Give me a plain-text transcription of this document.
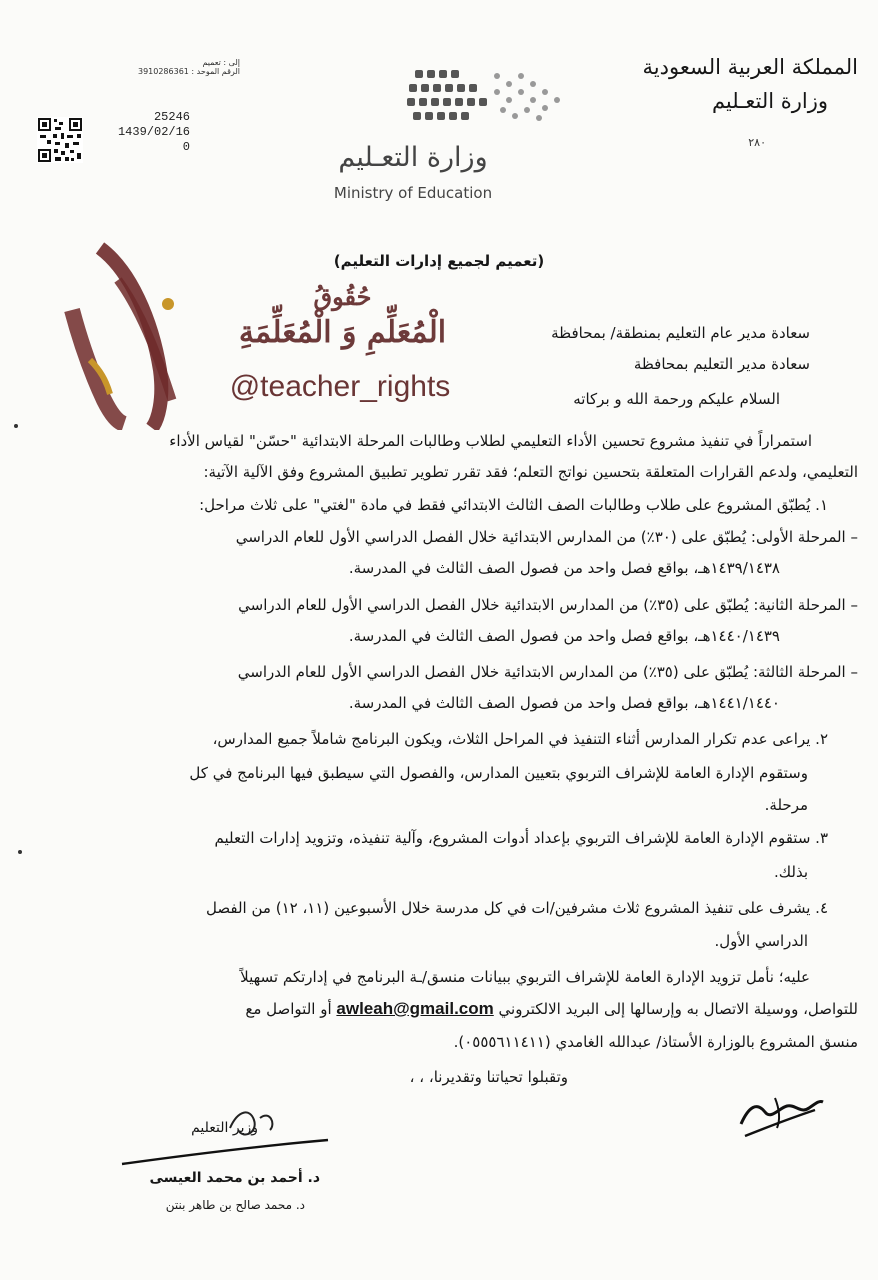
المملكة العربية السعودية
وزارة التعـليم
٢٨٠
وزارة التعـليم
Ministry of Education
إلى : تعميم
الرقم الموحد : 3910286361
25246
1439/02/16
0
حُقُوقُ
الْمُعَلِّمِ وَ الْمُعَلِّمَةِ
@teacher_rights
(تعميم لجميع إدارات التعليم)
سعادة مدير عام التعليم بمنطقة/ بمحافظة
سعادة مدير التعليم بمحافظة
السلام عليكم ورحمة الله و بركاته
استمراراً في تنفيذ مشروع تحسين الأداء التعليمي لطلاب وطالبات المرحلة الابتدائية "حسّن" لقياس الأداء
التعليمي، ولدعم القرارات المتعلقة بتحسين نواتج التعلم؛ فقد تقرر تطوير تطبيق المشروع وفق الآلية الآتية:
١. يُطبّق المشروع على طلاب وطالبات الصف الثالث الابتدائي فقط في مادة "لغتي" على ثلاث مراحل:
– المرحلة الأولى: يُطبّق على (٣٠٪) من المدارس الابتدائية خلال الفصل الدراسي الأول للعام الدراسي
١٤٣٩/١٤٣٨هـ، بواقع فصل واحد من فصول الصف الثالث في المدرسة.
– المرحلة الثانية: يُطبّق على (٣٥٪) من المدارس الابتدائية خلال الفصل الدراسي الأول للعام الدراسي
١٤٤٠/١٤٣٩هـ، بواقع فصل واحد من فصول الصف الثالث في المدرسة.
– المرحلة الثالثة: يُطبّق على (٣٥٪) من المدارس الابتدائية خلال الفصل الدراسي الأول للعام الدراسي
١٤٤١/١٤٤٠هـ، بواقع فصل واحد من فصول الصف الثالث في المدرسة.
٢. يراعى عدم تكرار المدارس أثناء التنفيذ في المراحل الثلاث، ويكون البرنامج شاملاً جميع المدارس،
وستقوم الإدارة العامة للإشراف التربوي بتعيين المدارس، والفصول التي سيطبق فيها البرنامج في كل
مرحلة.
٣. ستقوم الإدارة العامة للإشراف التربوي بإعداد أدوات المشروع، وآلية تنفيذه، وتزويد إدارات التعليم
بذلك.
٤. يشرف على تنفيذ المشروع ثلاث مشرفين/ات في كل مدرسة خلال الأسبوعين (١١، ١٢) من الفصل
الدراسي الأول.
عليه؛ نأمل تزويد الإدارة العامة للإشراف التربوي ببيانات منسق/ـة البرنامج في إدارتكم تسهيلاً
للتواصل، ووسيلة الاتصال به وإرسالها إلى البريد الالكتروني awleah@gmail.com أو التواصل مع
منسق المشروع بالوزارة الأستاذ/ عبدالله الغامدي (٠٥٥٥٦١١٤١١).
وتقبلوا تحياتنا وتقديرنا، ، ،
وزير التعليم
د. أحمد بن محمد العيسى
د. محمد صالح بن طاهر بنتن
